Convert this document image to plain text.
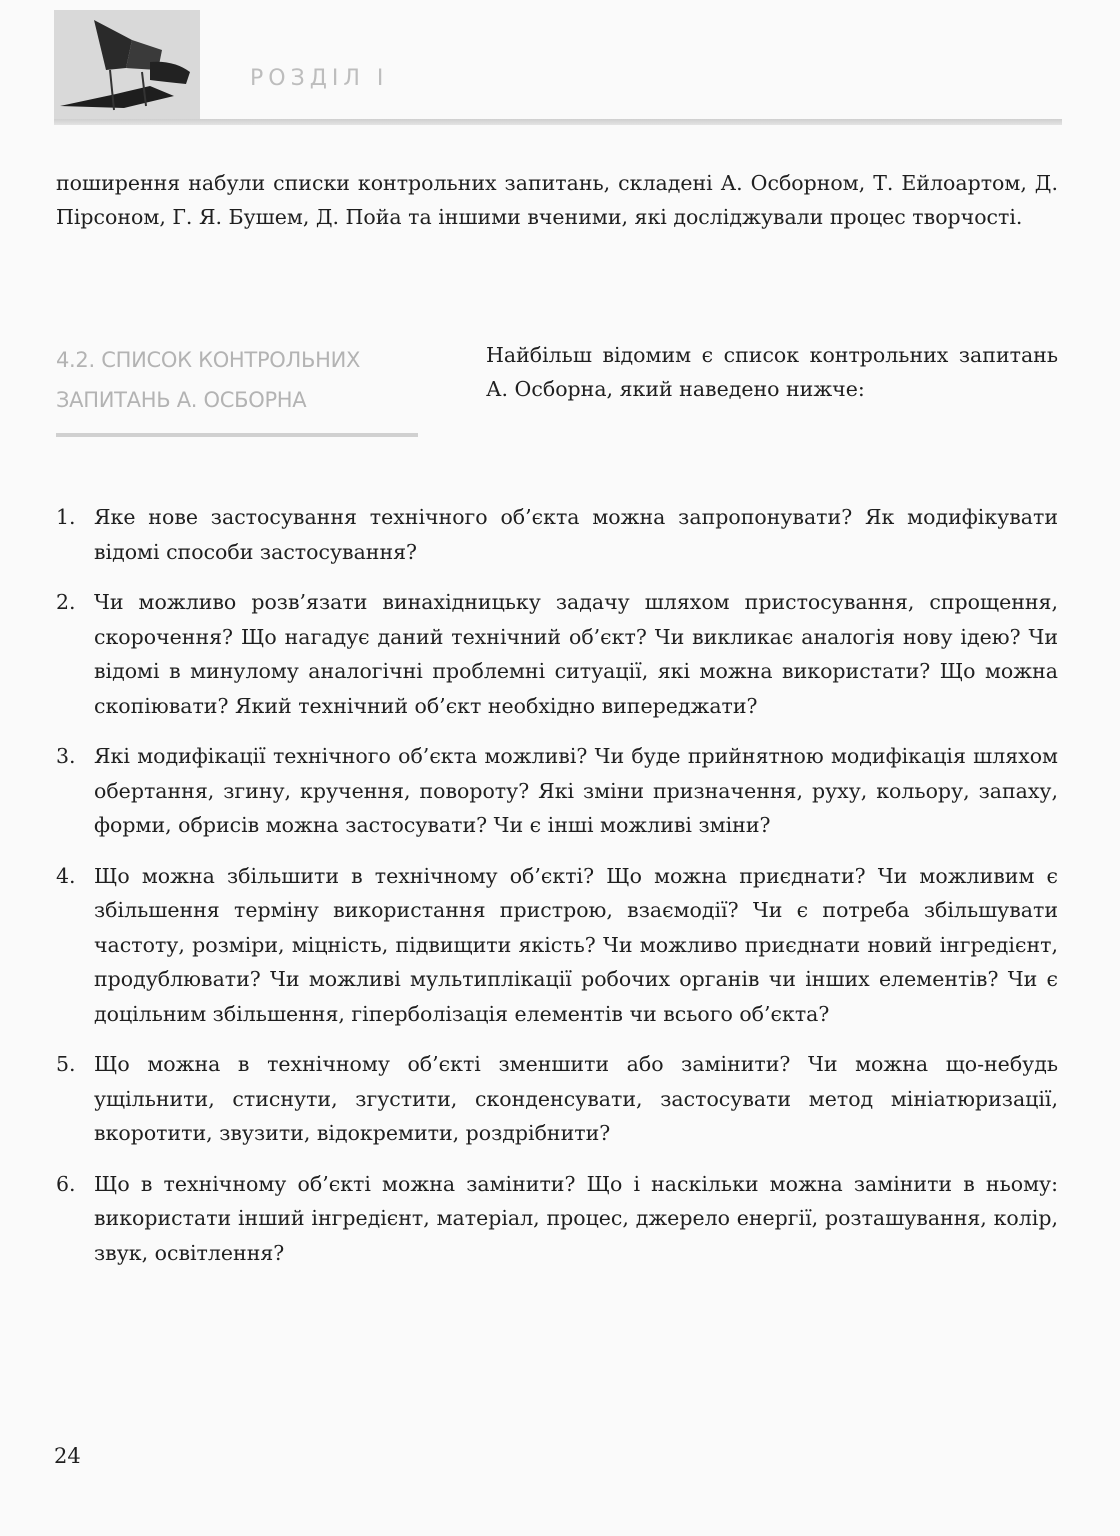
РОЗДІЛ I

поширення набули списки контрольних запитань, складені А. Осборном, Т. Ейлоартом, Д. Пірсоном, Г. Я. Бушем, Д. Пойа та іншими вченими, які досліджували процес творчості.

4.2. СПИСОК КОНТРОЛЬНИХ ЗАПИТАНЬ А. ОСБОРНА

Найбільш відомим є список контрольних запитань А. Осборна, який наведено нижче:

1. Яке нове застосування технічного об’єкта можна запропонувати? Як модифікувати відомі способи застосування?
2. Чи можливо розв’язати винахідницьку задачу шляхом пристосування, спрощення, скорочення? Що нагадує даний технічний об’єкт? Чи викликає аналогія нову ідею? Чи відомі в минулому аналогічні проблемні ситуації, які можна використати? Що можна скопіювати? Який технічний об’єкт необхідно випереджати?
3. Які модифікації технічного об’єкта можливі? Чи буде прийнятною модифікація шляхом обертання, згину, кручення, повороту? Які зміни призначення, руху, кольору, запаху, форми, обрисів можна застосувати? Чи є інші можливі зміни?
4. Що можна збільшити в технічному об’єкті? Що можна приєднати? Чи можливим є збільшення терміну використання пристрою, взаємодії? Чи є потреба збільшувати частоту, розміри, міцність, підвищити якість? Чи можливо приєднати новий інгредієнт, продублювати? Чи можливі мультиплікації робочих органів чи інших елементів? Чи є доцільним збільшення, гіперболізація елементів чи всього об’єкта?
5. Що можна в технічному об’єкті зменшити або замінити? Чи можна що-небудь ущільнити, стиснути, згустити, сконденсувати, застосувати метод мініатюризації, вкоротити, звузити, відокремити, роздрібнити?
6. Що в технічному об’єкті можна замінити? Що і наскільки можна замінити в ньому: використати інший інгредієнт, матеріал, процес, джерело енергії, розташування, колір, звук, освітлення?
24
